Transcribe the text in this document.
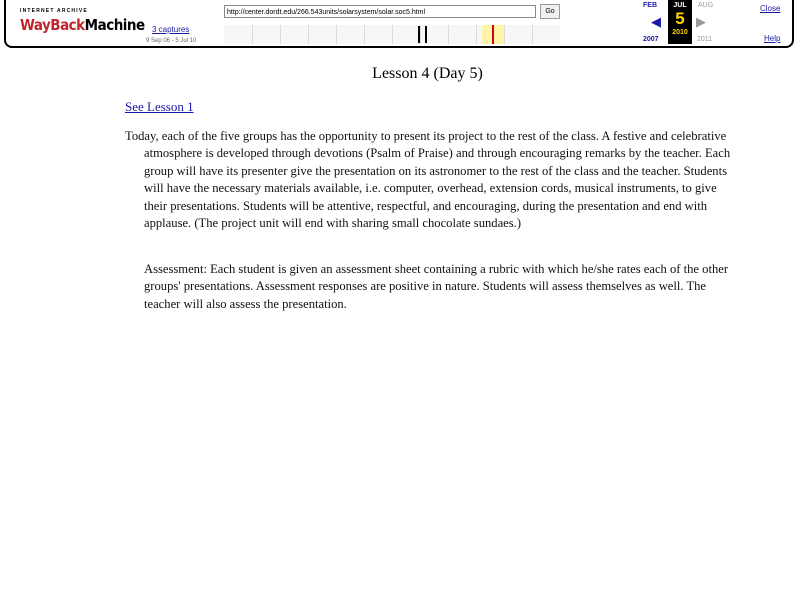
INTERNET ARCHIVE
WayBackMachine 3 captures
9 Sep 06 - 5 Jul 10
http://center.dordt.edu/266.543units/solarsystem/solar.soc5.html	Go
FEB
◀
2007
JUL
5
2010
AUG
▶
2011
Close
Help
Lesson 4 (Day 5)
See Lesson 1

Today, each of the five groups has the opportunity to present its project to the rest of the class. A festive and celebrative atmosphere is developed through devotions (Psalm of Praise) and through encouraging remarks by the teacher. Each group will have its presenter give the presentation on its astronomer to the rest of the class and the teacher. Students will have the necessary materials available, i.e. computer, overhead, extension cords, musical instruments, to give their presentations. Students will be attentive, respectful, and encouraging, during the presentation and end with applause. (The project unit will end with sharing small chocolate sundaes.)

Assessment: Each student is given an assessment sheet containing a rubric with which he/she rates each of the other groups' presentations. Assessment responses are positive in nature. Students will assess themselves as well. The teacher will also assess the presentation.
